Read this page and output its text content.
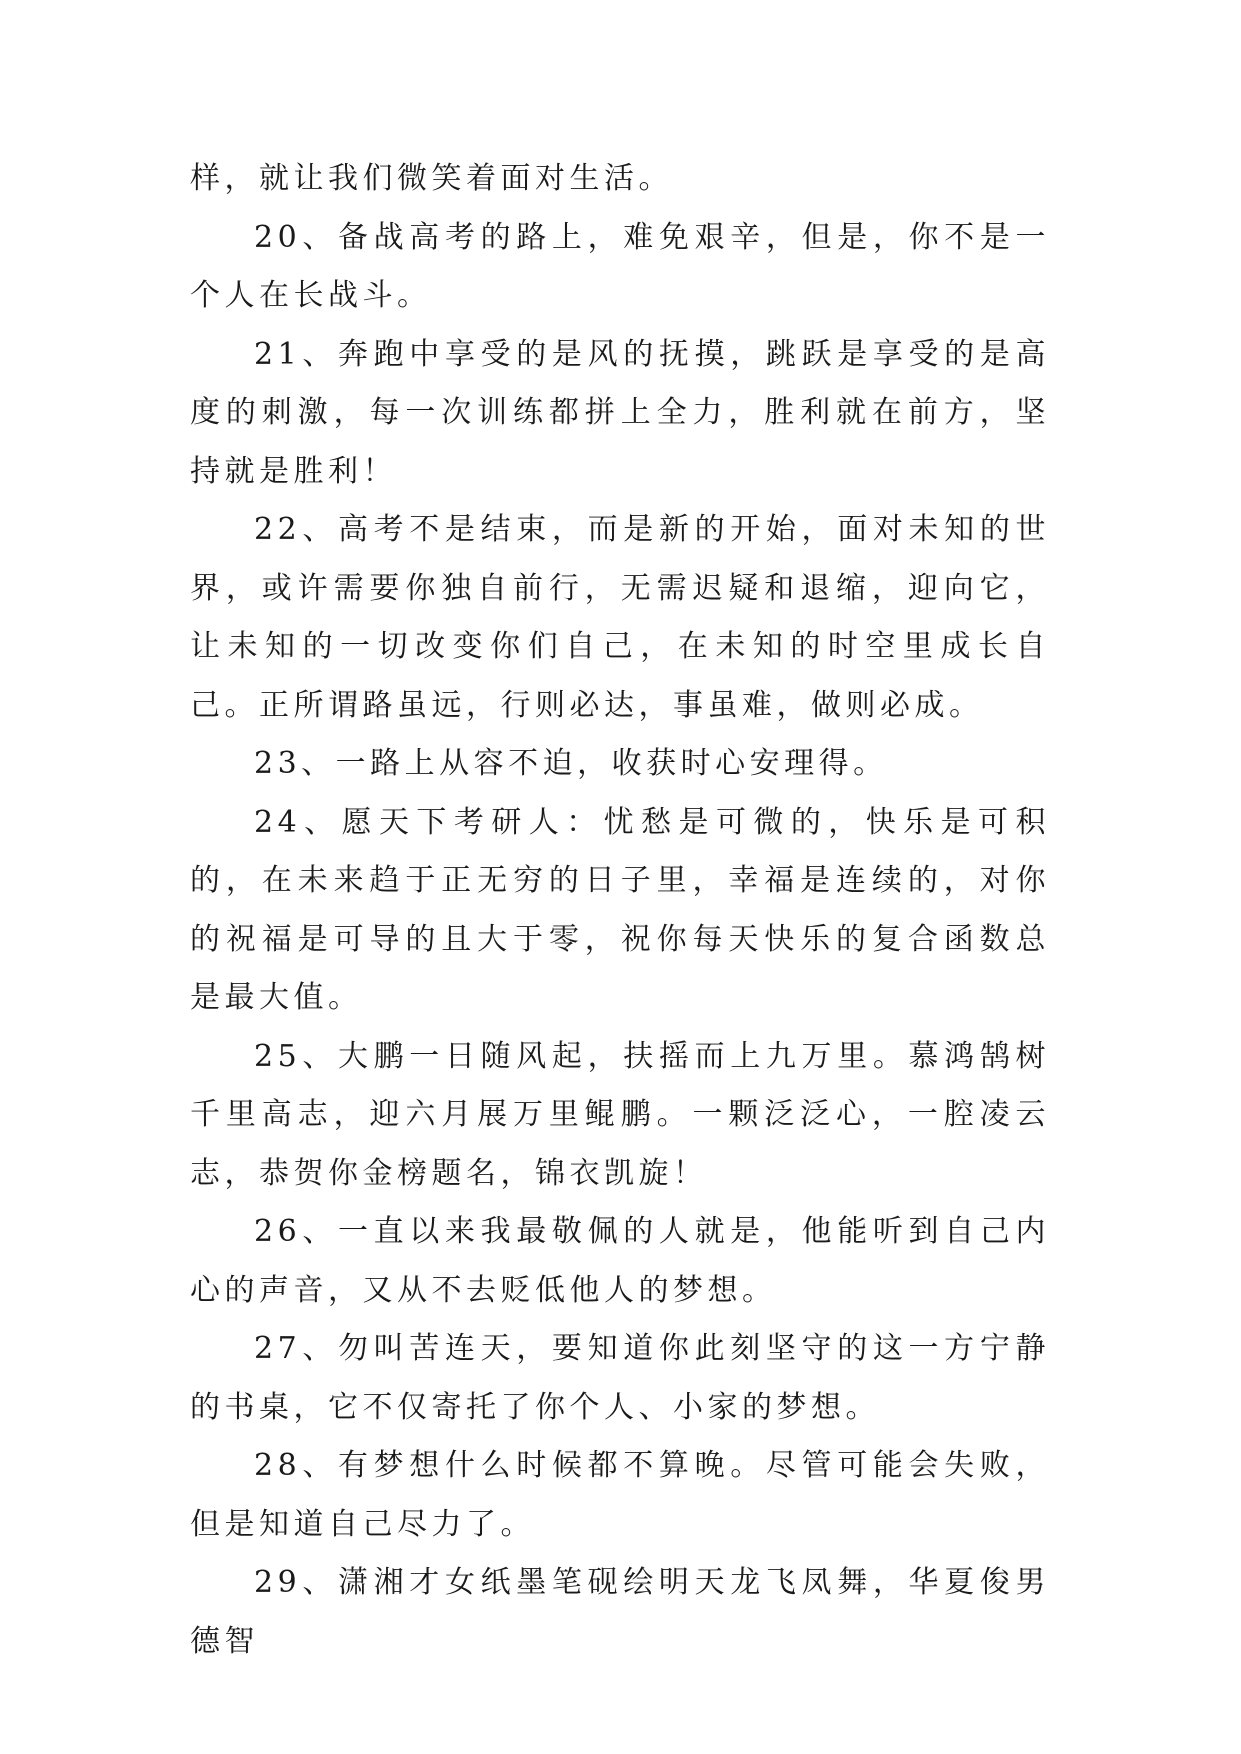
样，就让我们微笑着面对生活。

20、备战高考的路上，难免艰辛，但是，你不是一个人在长战斗。

21、奔跑中享受的是风的抚摸，跳跃是享受的是高度的刺激，每一次训练都拼上全力，胜利就在前方，坚持就是胜利！

22、高考不是结束，而是新的开始，面对未知的世界，或许需要你独自前行，无需迟疑和退缩，迎向它，让未知的一切改变你们自己，在未知的时空里成长自己。正所谓路虽远，行则必达，事虽难，做则必成。

23、一路上从容不迫，收获时心安理得。

24、愿天下考研人：忧愁是可微的，快乐是可积的，在未来趋于正无穷的日子里，幸福是连续的，对你的祝福是可导的且大于零，祝你每天快乐的复合函数总是最大值。

25、大鹏一日随风起，扶摇而上九万里。慕鸿鹄树千里高志，迎六月展万里鲲鹏。一颗泛泛心，一腔凌云志，恭贺你金榜题名，锦衣凯旋！

26、一直以来我最敬佩的人就是，他能听到自己内心的声音，又从不去贬低他人的梦想。

27、勿叫苦连天，要知道你此刻坚守的这一方宁静的书桌，它不仅寄托了你个人、小家的梦想。

28、有梦想什么时候都不算晚。尽管可能会失败，但是知道自己尽力了。

29、潇湘才女纸墨笔砚绘明天龙飞凤舞，华夏俊男德智
